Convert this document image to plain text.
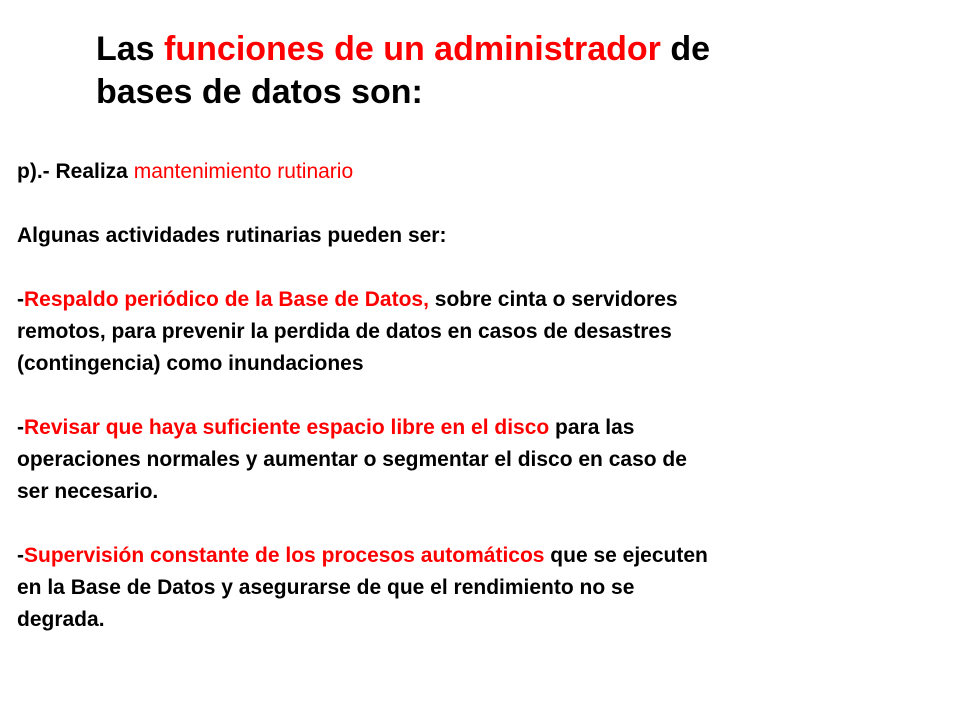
Las funciones de un administrador de
bases de datos son:

p).- Realiza mantenimiento rutinario

Algunas actividades rutinarias pueden ser:

-Respaldo periódico de la Base de Datos, sobre cinta o servidores
remotos, para prevenir la perdida de datos en casos de desastres
(contingencia) como inundaciones

-Revisar que haya suficiente espacio libre en el disco para las
operaciones normales y aumentar o segmentar el disco en caso de
ser necesario.

-Supervisión constante de los procesos automáticos que se ejecuten
en la Base de Datos y asegurarse de que el rendimiento no se
degrada.
